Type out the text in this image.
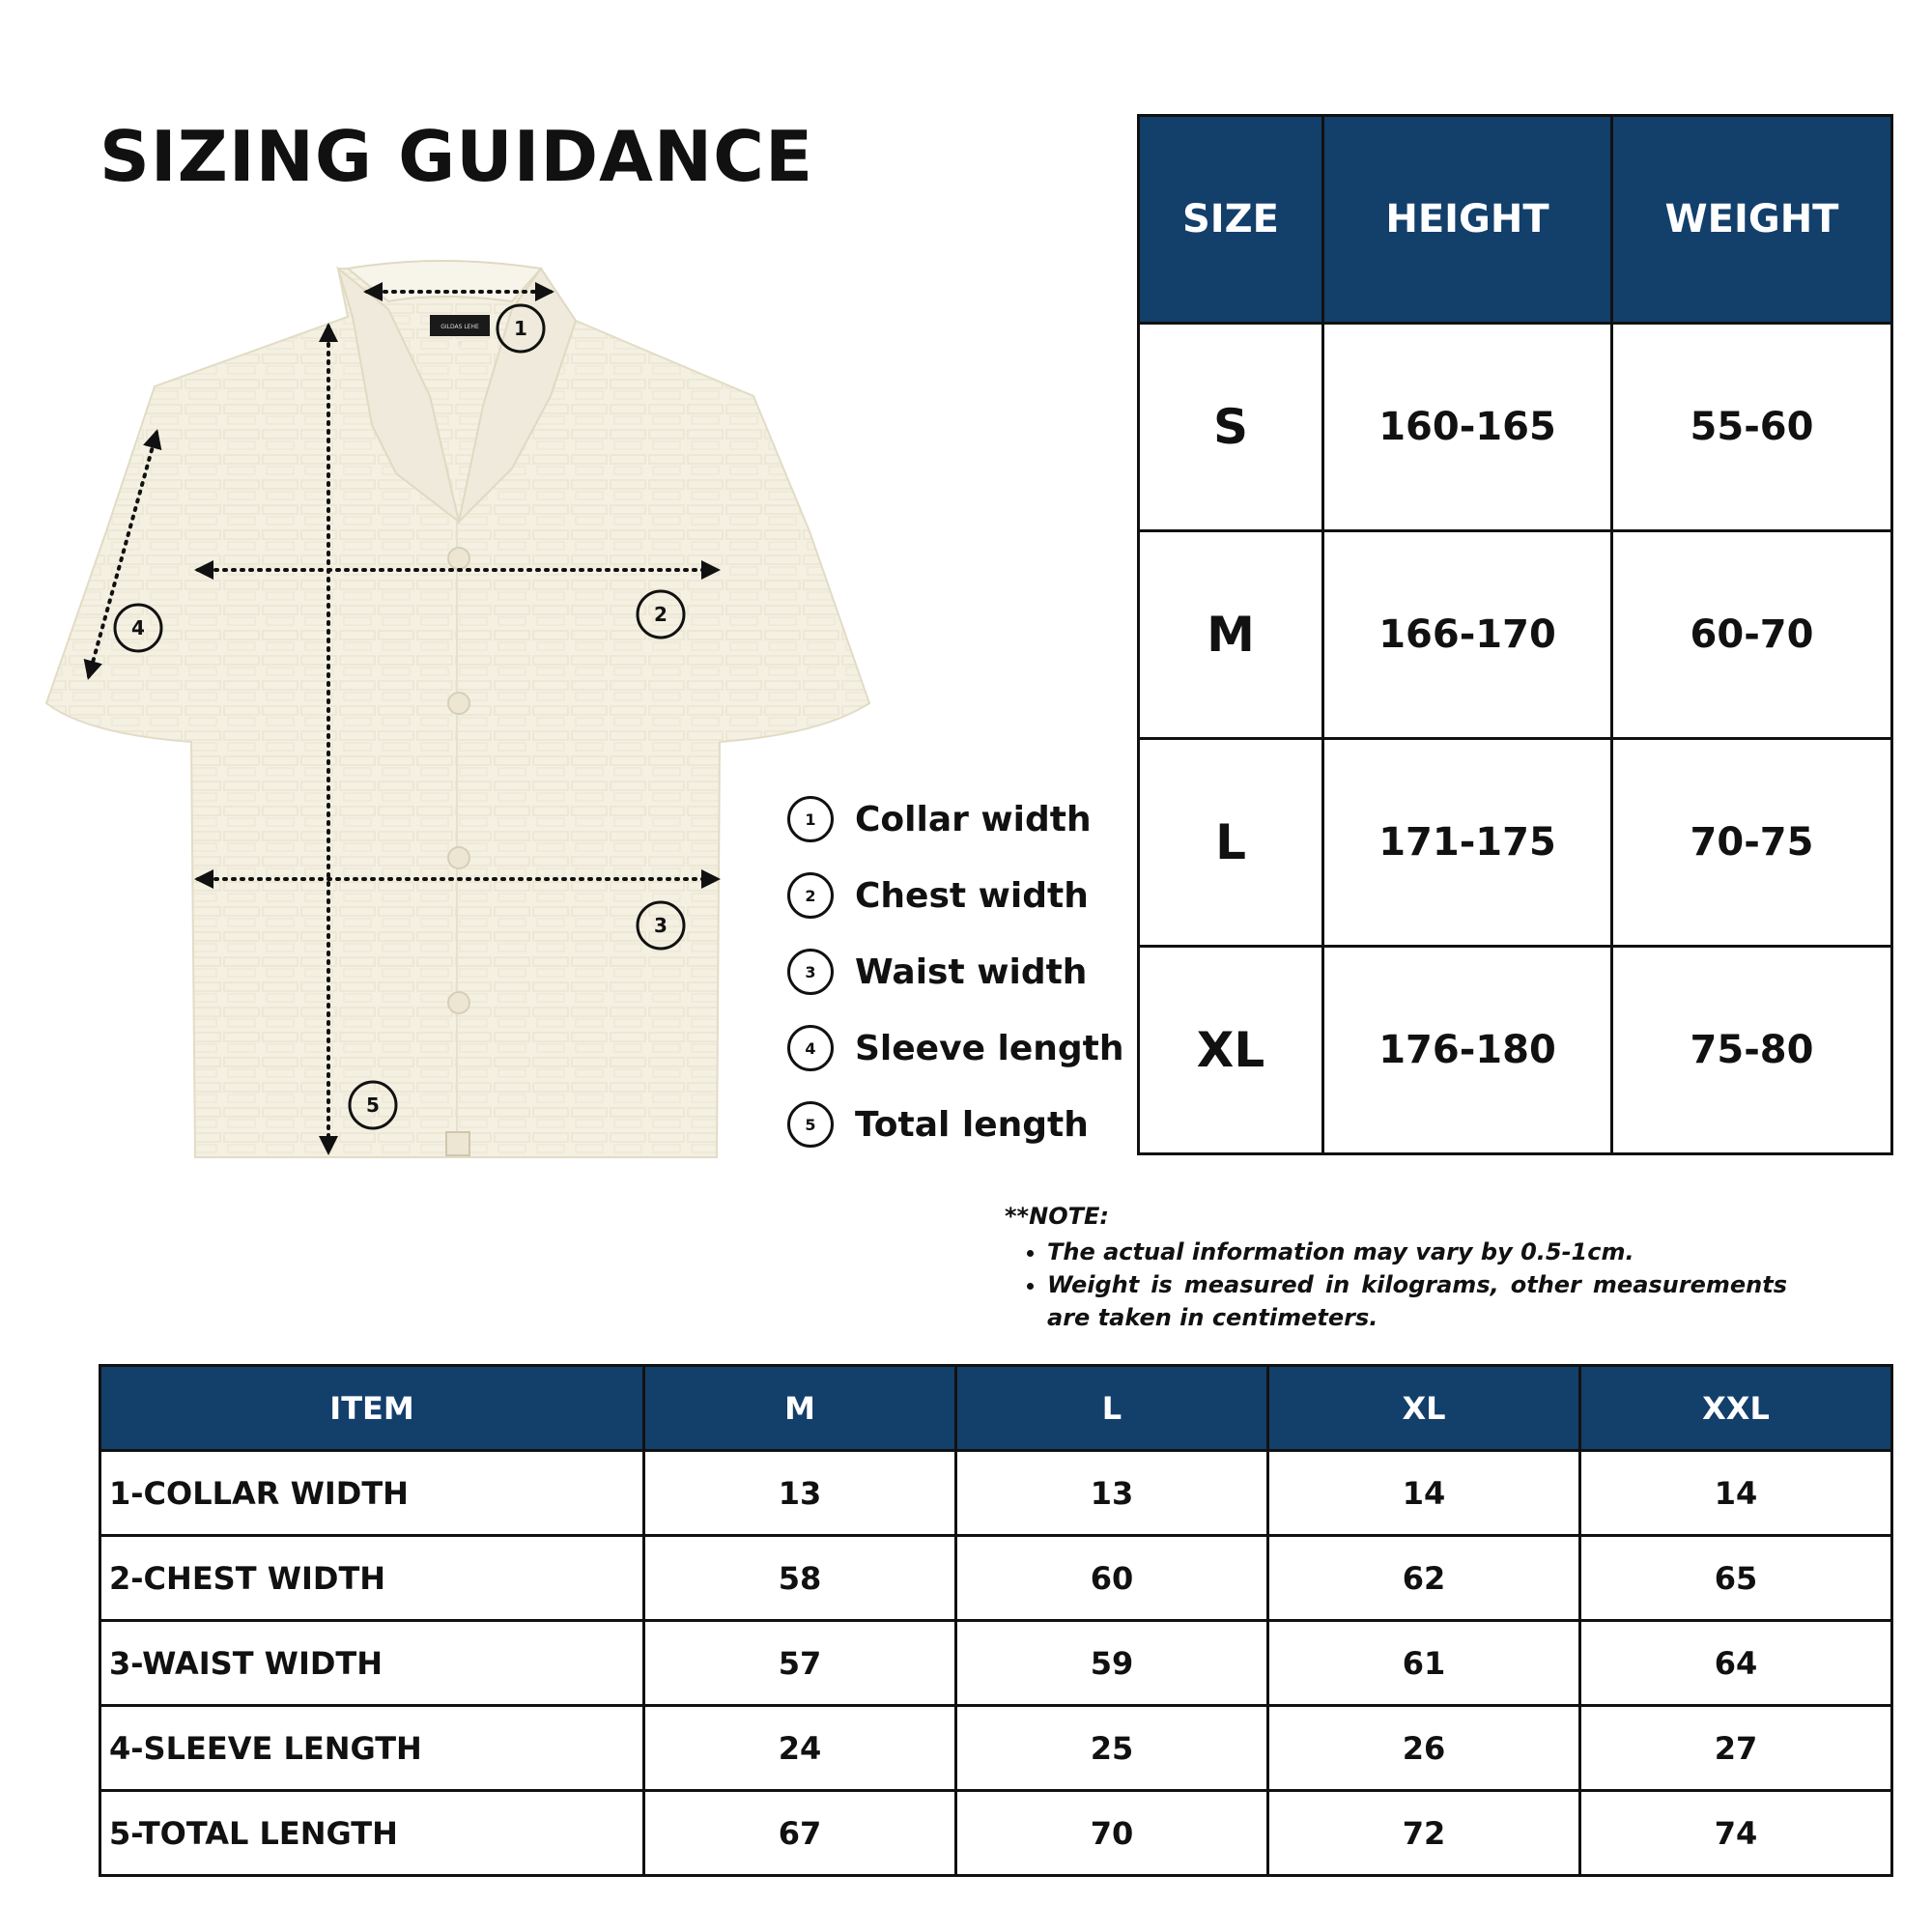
SIZING GUIDANCE
GILDAS LEHE
M
1
2
3
4
5
1	Collar width
2	Chest width
3	Waist width
4	Sleeve length
5	Total length
SIZE	HEIGHT	WEIGHT
S	160-165	55-60
M	166-170	60-70
L	171-175	70-75
XL	176-180	75-80
**NOTE:
• The actual information may vary by 0.5-1cm.
• Weight is measured in kilograms, other measurements are taken in centimeters.
ITEM	M	L	XL	XXL
1-COLLAR WIDTH	13	13	14	14
2-CHEST WIDTH	58	60	62	65
3-WAIST WIDTH	57	59	61	64
4-SLEEVE LENGTH	24	25	26	27
5-TOTAL LENGTH	67	70	72	74
